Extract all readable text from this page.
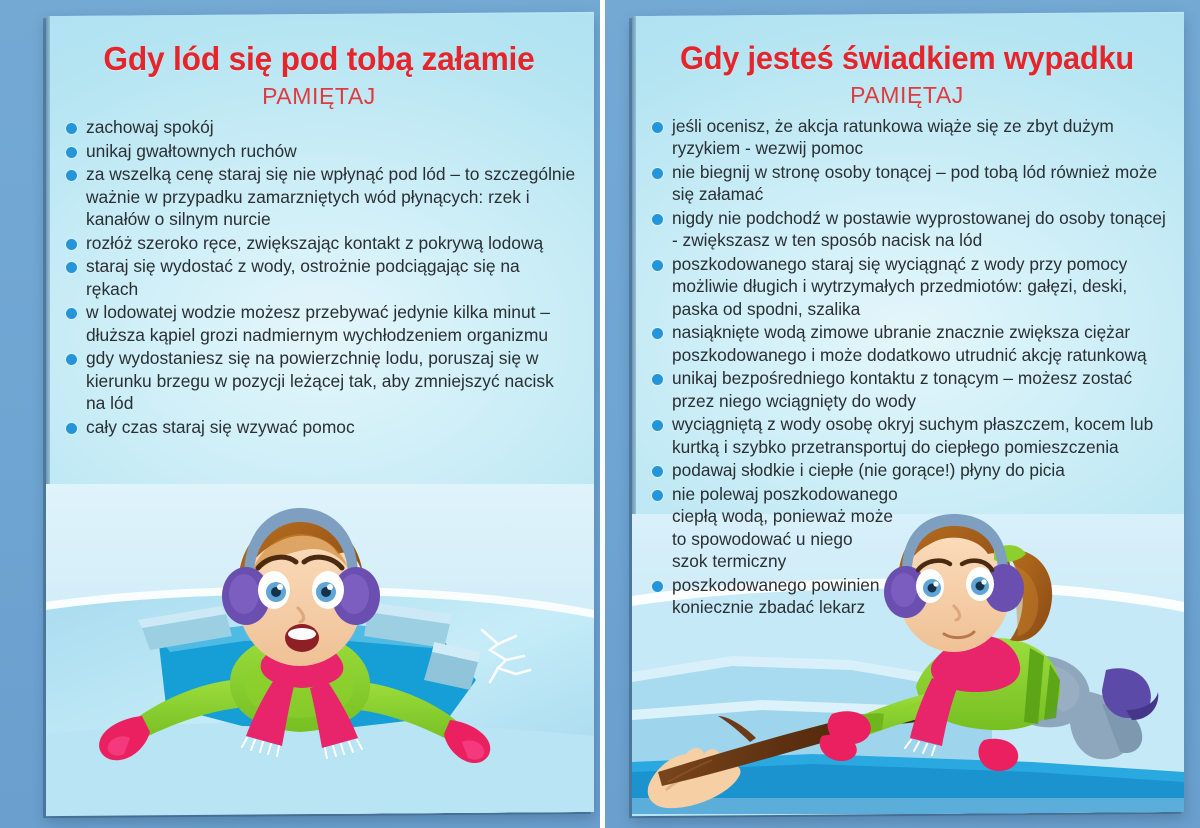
Gdy lód się pod tobą załamie
PAMIĘTAJ
zachowaj spokój
unikaj gwałtownych ruchów
za wszelką cenę staraj się nie wpłynąć pod lód – to szczególnie ważnie w przypadku zamarzniętych wód płynących: rzek i kanałów o silnym nurcie
rozłóż szeroko ręce, zwiększając kontakt z pokrywą lodową
staraj się wydostać z wody, ostrożnie podciągając się na rękach
w lodowatej wodzie możesz przebywać jedynie kilka minut – dłuższa kąpiel grozi nadmiernym wychłodzeniem organizmu
gdy wydostaniesz się na powierzchnię lodu, poruszaj się w kierunku brzegu w pozycji leżącej tak, aby zmniejszyć nacisk na lód
cały czas staraj się wzywać pomoc
Gdy jesteś świadkiem wypadku
PAMIĘTAJ
jeśli ocenisz, że akcja ratunkowa wiąże się ze zbyt dużym ryzykiem - wezwij pomoc
nie biegnij w stronę osoby tonącej – pod tobą lód również może się załamać
nigdy nie podchodź w postawie wyprostowanej do osoby tonącej - zwiększasz w ten sposób nacisk na lód
poszkodowanego staraj się wyciągnąć z wody przy pomocy możliwie długich i wytrzymałych przedmiotów: gałęzi, deski, paska od spodni, szalika
nasiąknięte wodą zimowe ubranie znacznie zwiększa ciężar poszkodowanego i może dodatkowo utrudnić akcję ratunkową
unikaj bezpośredniego kontaktu z tonącym – możesz zostać przez niego wciągnięty do wody
wyciągniętą z wody osobę okryj suchym płaszczem, kocem lub kurtką i szybko przetransportuj do ciepłego pomieszczenia
podawaj słodkie i ciepłe (nie gorące!) płyny do picia
nie polewaj poszkodowanego
ciepłą wodą, ponieważ może
to spowodować u niego
szok termiczny
poszkodowanego powinien
koniecznie zbadać lekarz
